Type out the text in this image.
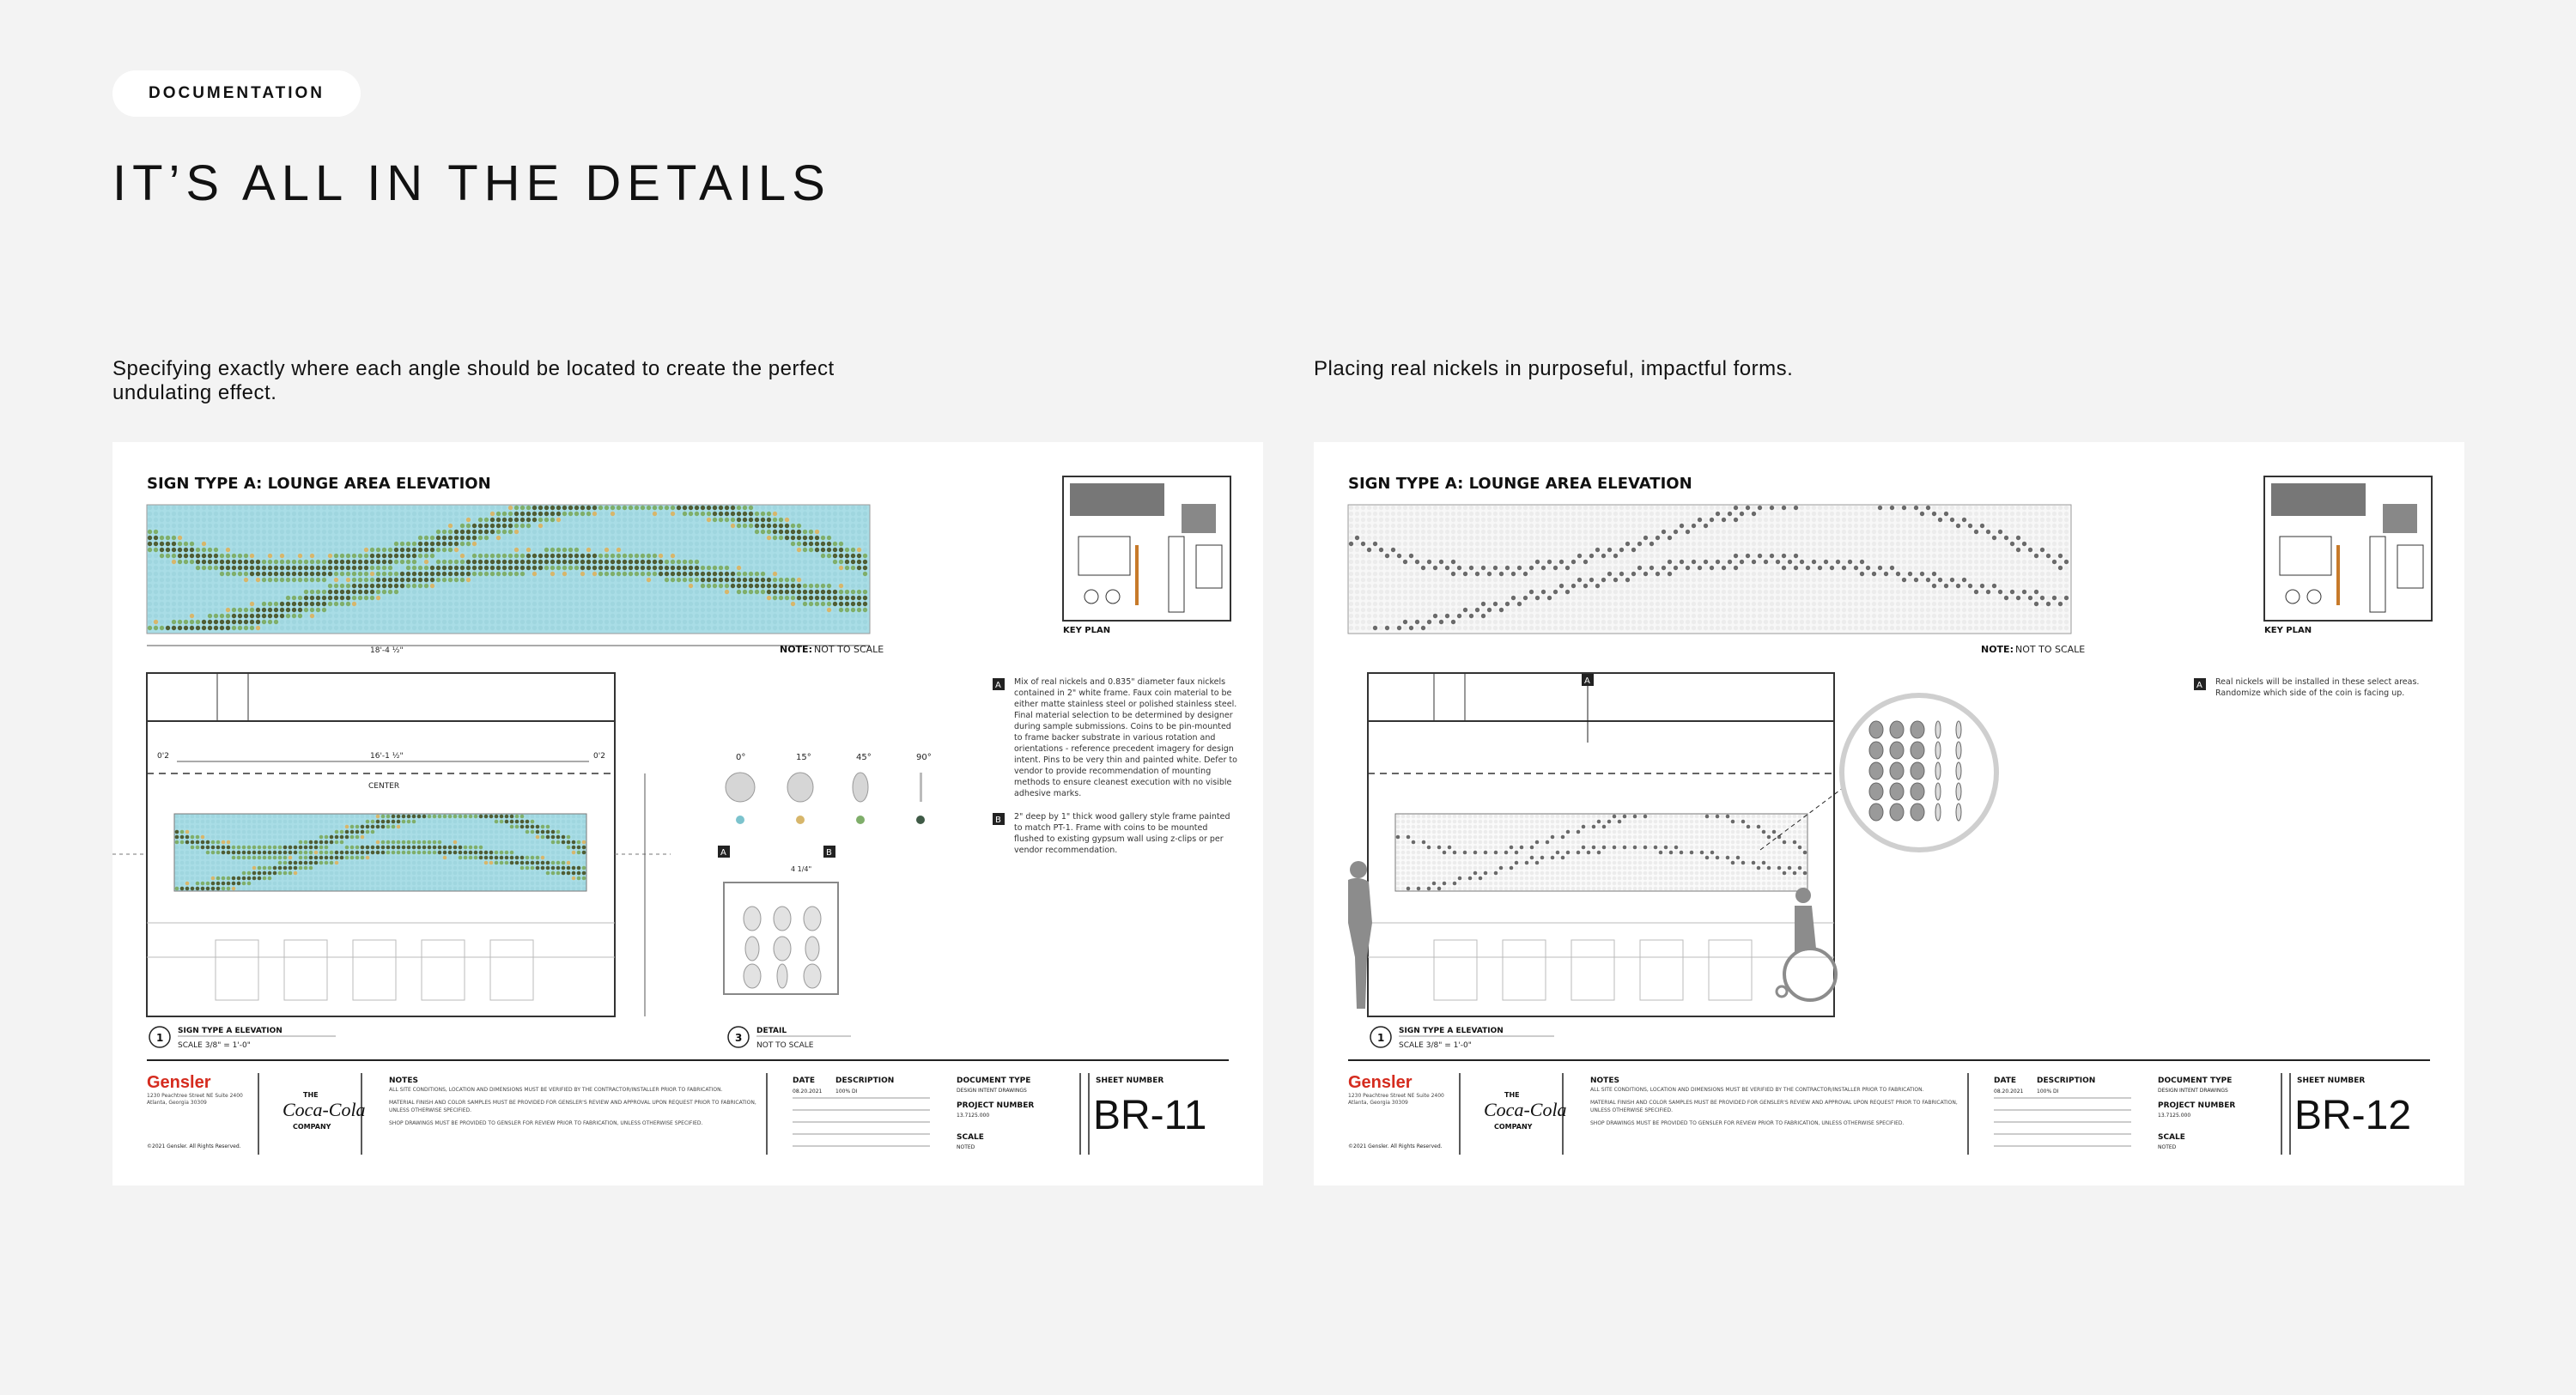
DOCUMENTATION
IT’S ALL IN THE DETAILS

Specifying exactly where each angle should be located to create the perfect undulating effect.

Placing real nickels in purposeful, impactful forms.

SIGN TYPE A: LOUNGE AREA ELEVATION
18'-4 ½"	NOTE: NOT TO SCALE
KEY PLAN
16'-1 ½"
0'2	0'2
CENTER
0°	15°	45°	90°
A	B
4 1/4"
A Mix of real nickels and 0.835" diameter faux nickels contained in 2" white frame. Faux coin material to be either matte stainless steel or polished stainless steel. Final material selection to be determined by designer during sample submissions. Coins to be pin-mounted to frame backer substrate in various rotation and orientations - reference precedent imagery for design intent. Pins to be very thin and painted white. Defer to vendor to provide recommendation of mounting methods to ensure cleanest execution with no visible adhesive marks.
B 2" deep by 1" thick wood gallery style frame painted to match PT-1. Frame with coins to be mounted flushed to existing gypsum wall using z-clips or per vendor recommendation.
1
SIGN TYPE A ELEVATION
SCALE 3/8" = 1'-0"
3
DETAIL
NOT TO SCALE
Gensler
1230 Peachtree Street NE Suite 2400 Atlanta, Georgia 30309
©2021 Gensler. All Rights Reserved.
THE
Coca-Cola
COMPANY
NOTES

ALL SITE CONDITIONS, LOCATION AND DIMENSIONS MUST BE VERIFIED BY THE CONTRACTOR/INSTALLER PRIOR TO FABRICATION.

MATERIAL FINISH AND COLOR SAMPLES MUST BE PROVIDED FOR GENSLER'S REVIEW AND APPROVAL UPON REQUEST PRIOR TO FABRICATION, UNLESS OTHERWISE SPECIFIED.

SHOP DRAWINGS MUST BE PROVIDED TO GENSLER FOR REVIEW PRIOR TO FABRICATION, UNLESS OTHERWISE SPECIFIED.

DATE
08.20.2021
DESCRIPTION
100% DI
DOCUMENT TYPE
DESIGN INTENT DRAWINGS
PROJECT NUMBER
13.7125.000
SCALE
NOTED
SHEET NUMBER
BR-11
SIGN TYPE A: LOUNGE AREA ELEVATION
NOTE: NOT TO SCALE
KEY PLAN
A	A Real nickels will be installed in these select areas. Randomize which side of the coin is facing up.
1
SIGN TYPE A ELEVATION
SCALE 3/8" = 1'-0"
Gensler
1230 Peachtree Street NE Suite 2400 Atlanta, Georgia 30309
©2021 Gensler. All Rights Reserved.
THE
Coca-Cola
COMPANY
NOTES

ALL SITE CONDITIONS, LOCATION AND DIMENSIONS MUST BE VERIFIED BY THE CONTRACTOR/INSTALLER PRIOR TO FABRICATION.

MATERIAL FINISH AND COLOR SAMPLES MUST BE PROVIDED FOR GENSLER'S REVIEW AND APPROVAL UPON REQUEST PRIOR TO FABRICATION, UNLESS OTHERWISE SPECIFIED.

SHOP DRAWINGS MUST BE PROVIDED TO GENSLER FOR REVIEW PRIOR TO FABRICATION, UNLESS OTHERWISE SPECIFIED.

DATE
08.20.2021
DESCRIPTION
100% DI
DOCUMENT TYPE
DESIGN INTENT DRAWINGS
PROJECT NUMBER
13.7125.000
SCALE
NOTED
SHEET NUMBER
BR-12
